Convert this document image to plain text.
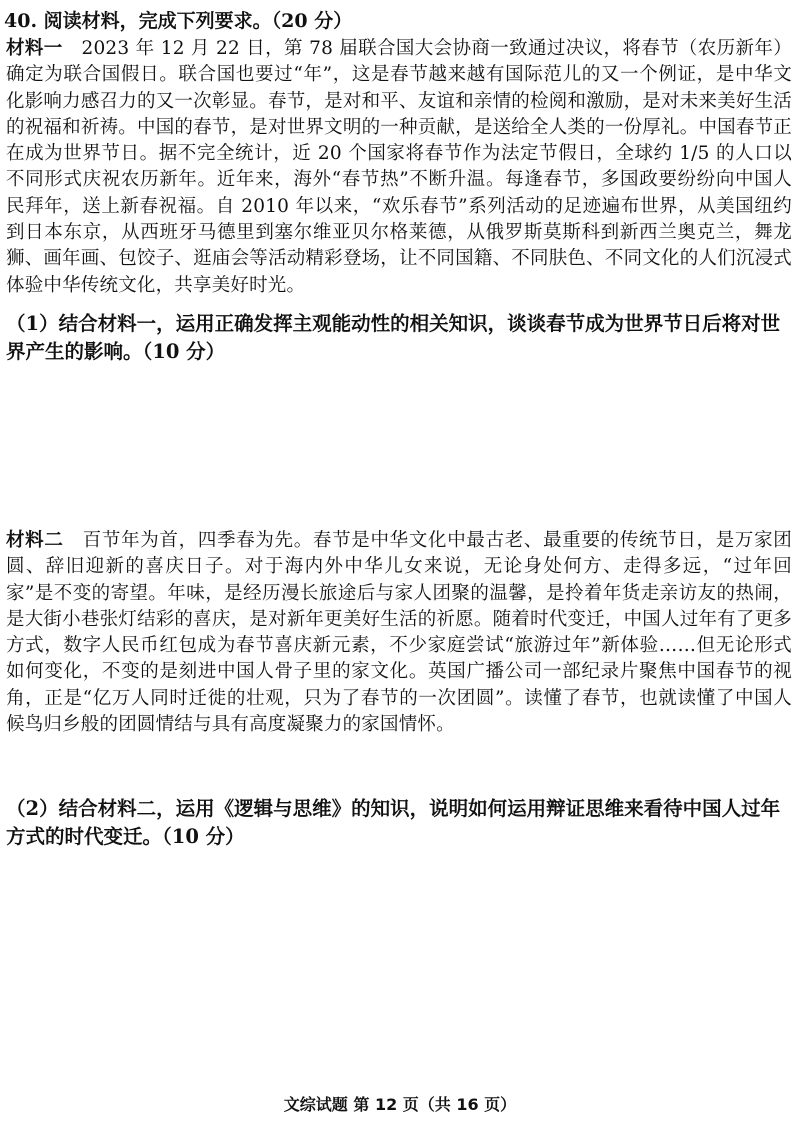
40. 阅读材料，完成下列要求。（20 分）
材料一　 2023 年 12 月 22 日，第 78 届联合国大会协商一致通过决议，将春节（农历新年）确定为联合国假日。联合国也要过“年”，这是春节越来越有国际范儿的又一个例证，是中华文化影响力感召力的又一次彰显。春节，是对和平、友谊和亲情的检阅和激励，是对未来美好生活的祝福和祈祷。中国的春节，是对世界文明的一种贡献，是送给全人类的一份厚礼。中国春节正在成为世界节日。据不完全统计，近 20 个国家将春节作为法定节假日，全球约 1/5 的人口以不同形式庆祝农历新年。近年来，海外“春节热”不断升温。每逢春节，多国政要纷纷向中国人民拜年，送上新春祝福。自 2010 年以来，“欢乐春节”系列活动的足迹遍布世界，从美国纽约到日本东京，从西班牙马德里到塞尔维亚贝尔格莱德，从俄罗斯莫斯科到新西兰奥克兰，舞龙狮、画年画、包饺子、逛庙会等活动精彩登场，让不同国籍、不同肤色、不同文化的人们沉浸式体验中华传统文化，共享美好时光。
（1）结合材料一，运用正确发挥主观能动性的相关知识，谈谈春节成为世界节日后将对世界产生的影响。（10 分）
材料二　 百节年为首，四季春为先。春节是中华文化中最古老、最重要的传统节日，是万家团圆、辞旧迎新的喜庆日子。对于海内外中华儿女来说，无论身处何方、走得多远，“过年回家”是不变的寄望。年味，是经历漫长旅途后与家人团聚的温馨，是拎着年货走亲访友的热闹，是大街小巷张灯结彩的喜庆，是对新年更美好生活的祈愿。随着时代变迁，中国人过年有了更多方式，数字人民币红包成为春节喜庆新元素，不少家庭尝试“旅游过年”新体验……但无论形式如何变化，不变的是刻进中国人骨子里的家文化。英国广播公司一部纪录片聚焦中国春节的视角，正是“亿万人同时迁徙的壮观，只为了春节的一次团圆”。读懂了春节，也就读懂了中国人候鸟归乡般的团圆情结与具有高度凝聚力的家国情怀。
（2）结合材料二，运用《逻辑与思维》的知识，说明如何运用辩证思维来看待中国人过年方式的时代变迁。（10 分）
文综试题 第 12 页（共 16 页）
